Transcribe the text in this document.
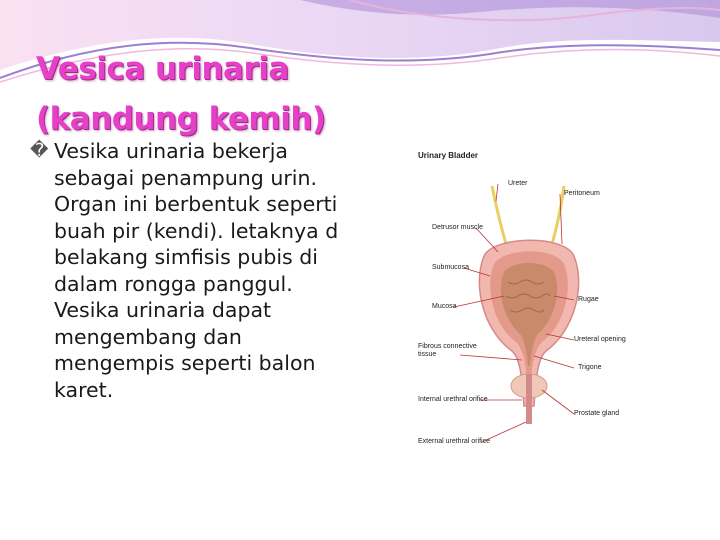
Vesica urinaria
(kandung kemih)
� Vesika urinaria bekerja
sebagai penampung urin.
Organ ini berbentuk seperti
buah pir (kendi). letaknya d
belakang simfisis pubis di
dalam rongga panggul.
Vesika urinaria dapat
mengembang dan
mengempis seperti balon
karet.

Urinary Bladder
Detrusor muscle
Submucosa
Mucosa
Fibrous connective
tissue
Internal urethral orifice
External urethral orifice
Ureter
Peritoneum
Rugae
Ureteral opening
Trigone
Prostate gland
